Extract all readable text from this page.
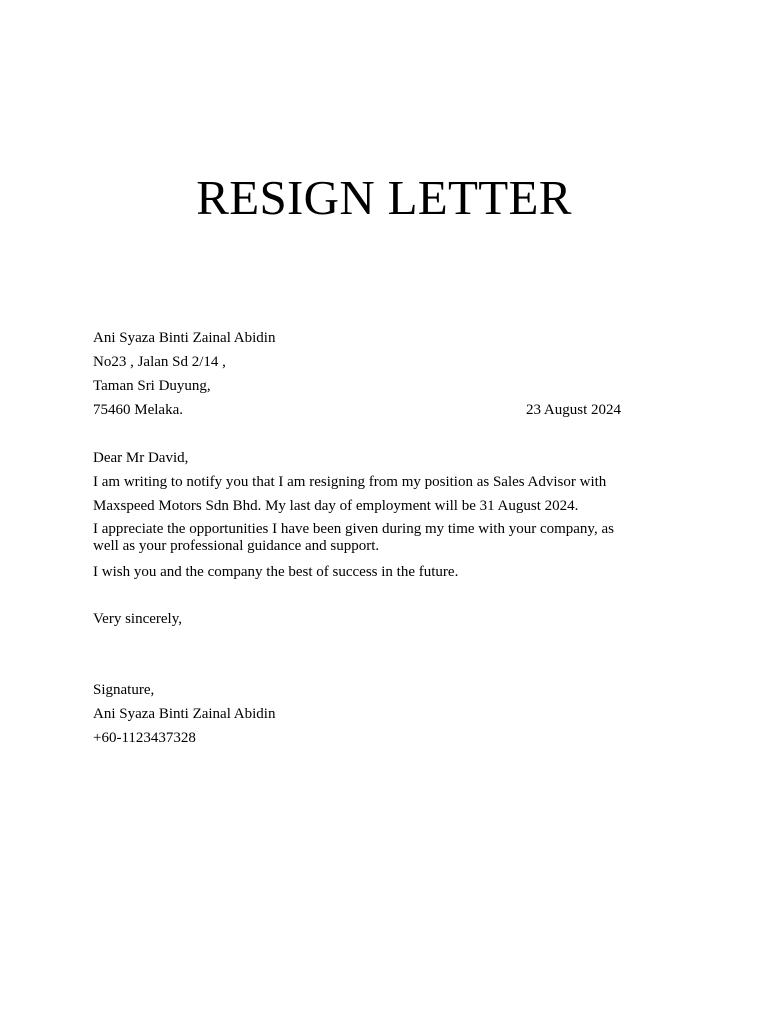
RESIGN LETTER
Ani Syaza Binti Zainal Abidin
No23 , Jalan Sd 2/14 ,
Taman Sri Duyung,
75460 Melaka.	23 August 2024
Dear Mr David,
I am writing to notify you that I am resigning from my position as Sales Advisor with
Maxspeed Motors Sdn Bhd. My last day of employment will be 31 August 2024.
I appreciate the opportunities I have been given during my time with your company, as well as your professional guidance and support.
I wish you and the company the best of success in the future.
Very sincerely,
Signature,
Ani Syaza Binti Zainal Abidin
+60-1123437328
